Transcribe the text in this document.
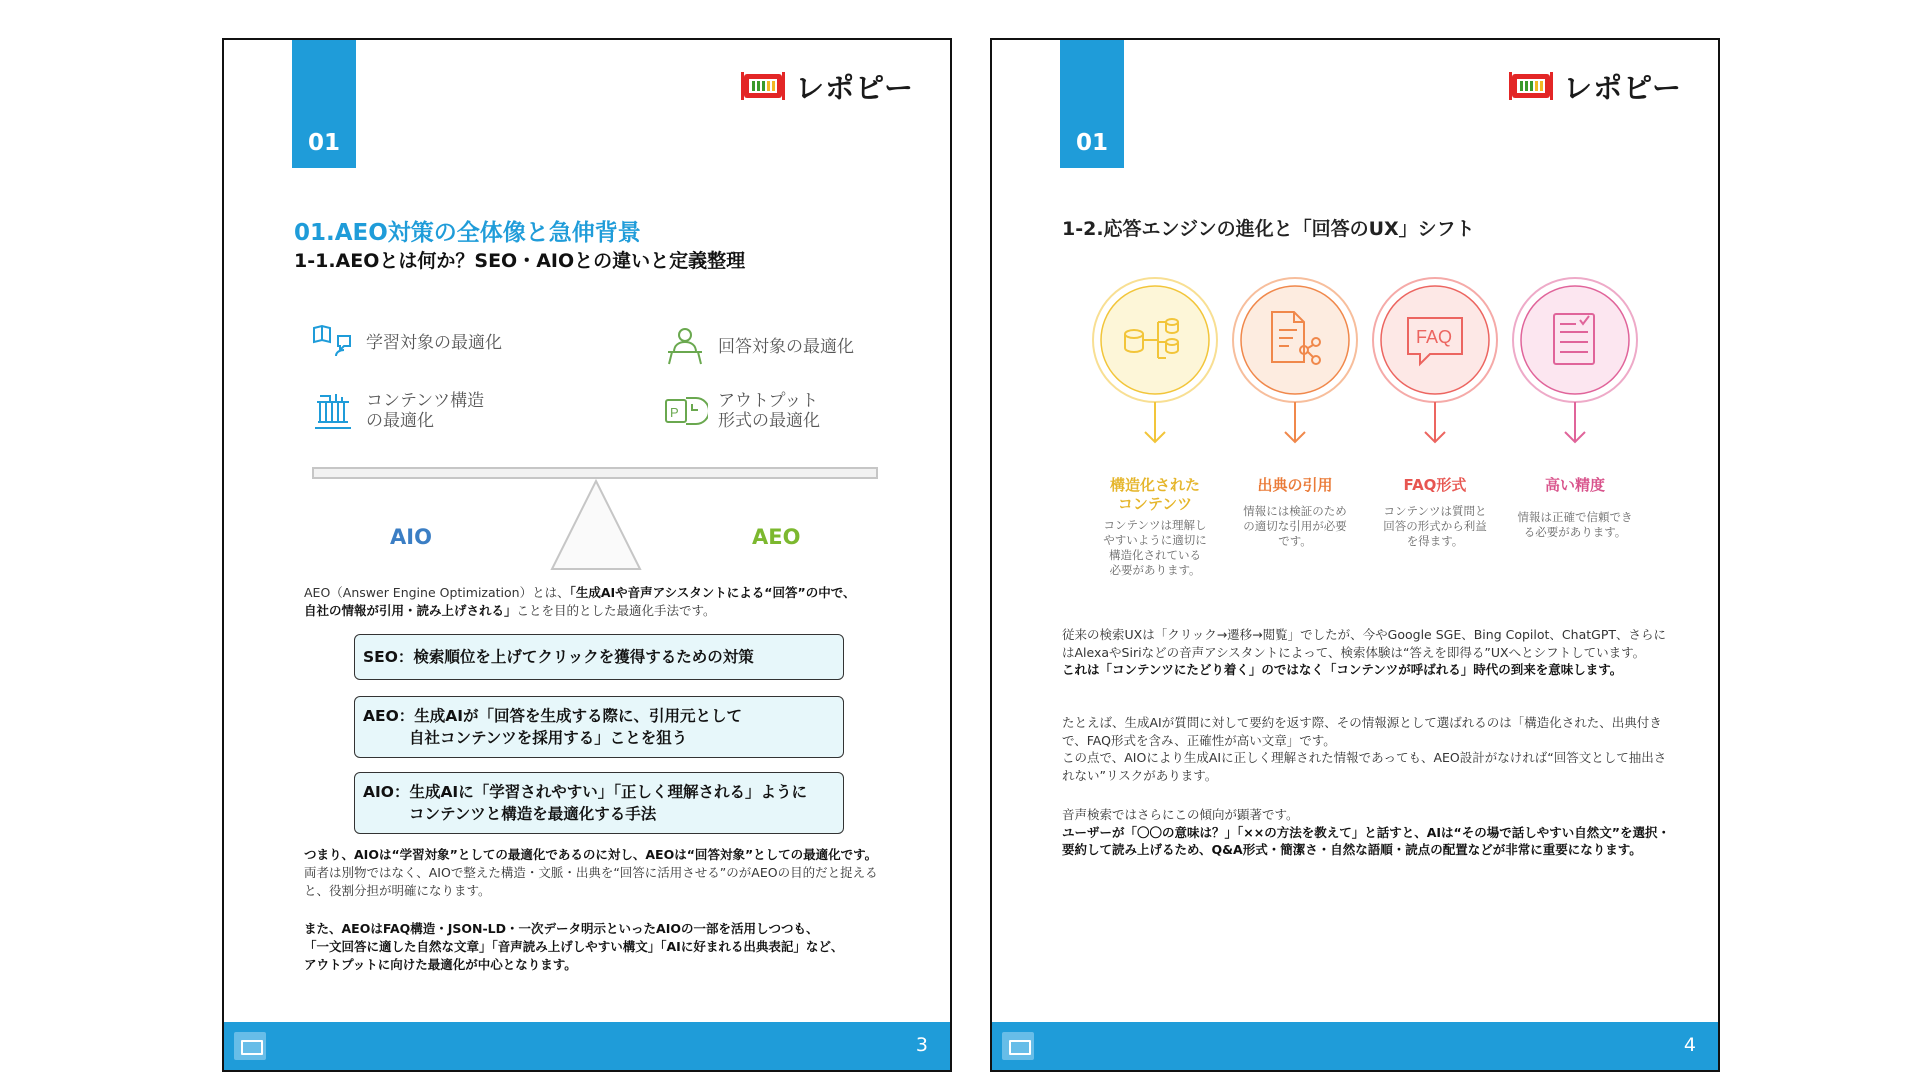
01
レポピー
01.AEO対策の全体像と急伸背景
1-1.AEOとは何か？SEO・AIOとの違いと定義整理
学習対象の最適化	回答対象の最適化
コンテンツ構造
の最適化	P
アウトプット
形式の最適化
AIO	AEO
AEO（Answer Engine Optimization）とは、「生成AIや音声アシスタントによる“回答”の中で、
自社の情報が引用・読み上げされる」ことを目的とした最適化手法です。
SEO：検索順位を上げてクリックを獲得するための対策
AEO：生成AIが「回答を生成する際に、引用元として
自社コンテンツを採用する」ことを狙う
AIO：生成AIに「学習されやすい」「正しく理解される」ように
コンテンツと構造を最適化する手法
つまり、AIOは“学習対象”としての最適化であるのに対し、AEOは“回答対象”としての最適化です。
両者は別物ではなく、AIOで整えた構造・文脈・出典を“回答に活用させる”のがAEOの目的だと捉えると、役割分担が明確になります。
また、AEOはFAQ構造・JSON-LD・一次データ明示といったAIOの一部を活用しつつも、
「一文回答に適した自然な文章」「音声読み上げしやすい構文」「AIに好まれる出典表記」など、
アウトプットに向けた最適化が中心となります。
3
01
レポピー
1-2.応答エンジンの進化と「回答のUX」シフト
FAQ
構造化された
コンテンツ
出典の引用	FAQ形式	高い精度
コンテンツは理解し
やすいように適切に
構造化されている
必要があります。
情報には検証のため
の適切な引用が必要
です。
コンテンツは質問と
回答の形式から利益
を得ます。
情報は正確で信頼でき
る必要があります。
従来の検索UXは「クリック→遷移→閲覧」でしたが、今やGoogle SGE、Bing Copilot、ChatGPT、さらにはAlexaやSiriなどの音声アシスタントによって、検索体験は“答えを即得る”UXへとシフトしています。
これは「コンテンツにたどり着く」のではなく「コンテンツが呼ばれる」時代の到来を意味します。
たとえば、生成AIが質問に対して要約を返す際、その情報源として選ばれるのは「構造化された、出典付きで、FAQ形式を含み、正確性が高い文章」です。
この点で、AIOにより生成AIに正しく理解された情報であっても、AEO設計がなければ“回答文として抽出されない”リスクがあります。
音声検索ではさらにこの傾向が顕著です。
ユーザーが「〇〇の意味は？」「××の方法を教えて」と話すと、AIは“その場で話しやすい自然文”を選択・要約して読み上げるため、Q&A形式・簡潔さ・自然な語順・読点の配置などが非常に重要になります。
4
